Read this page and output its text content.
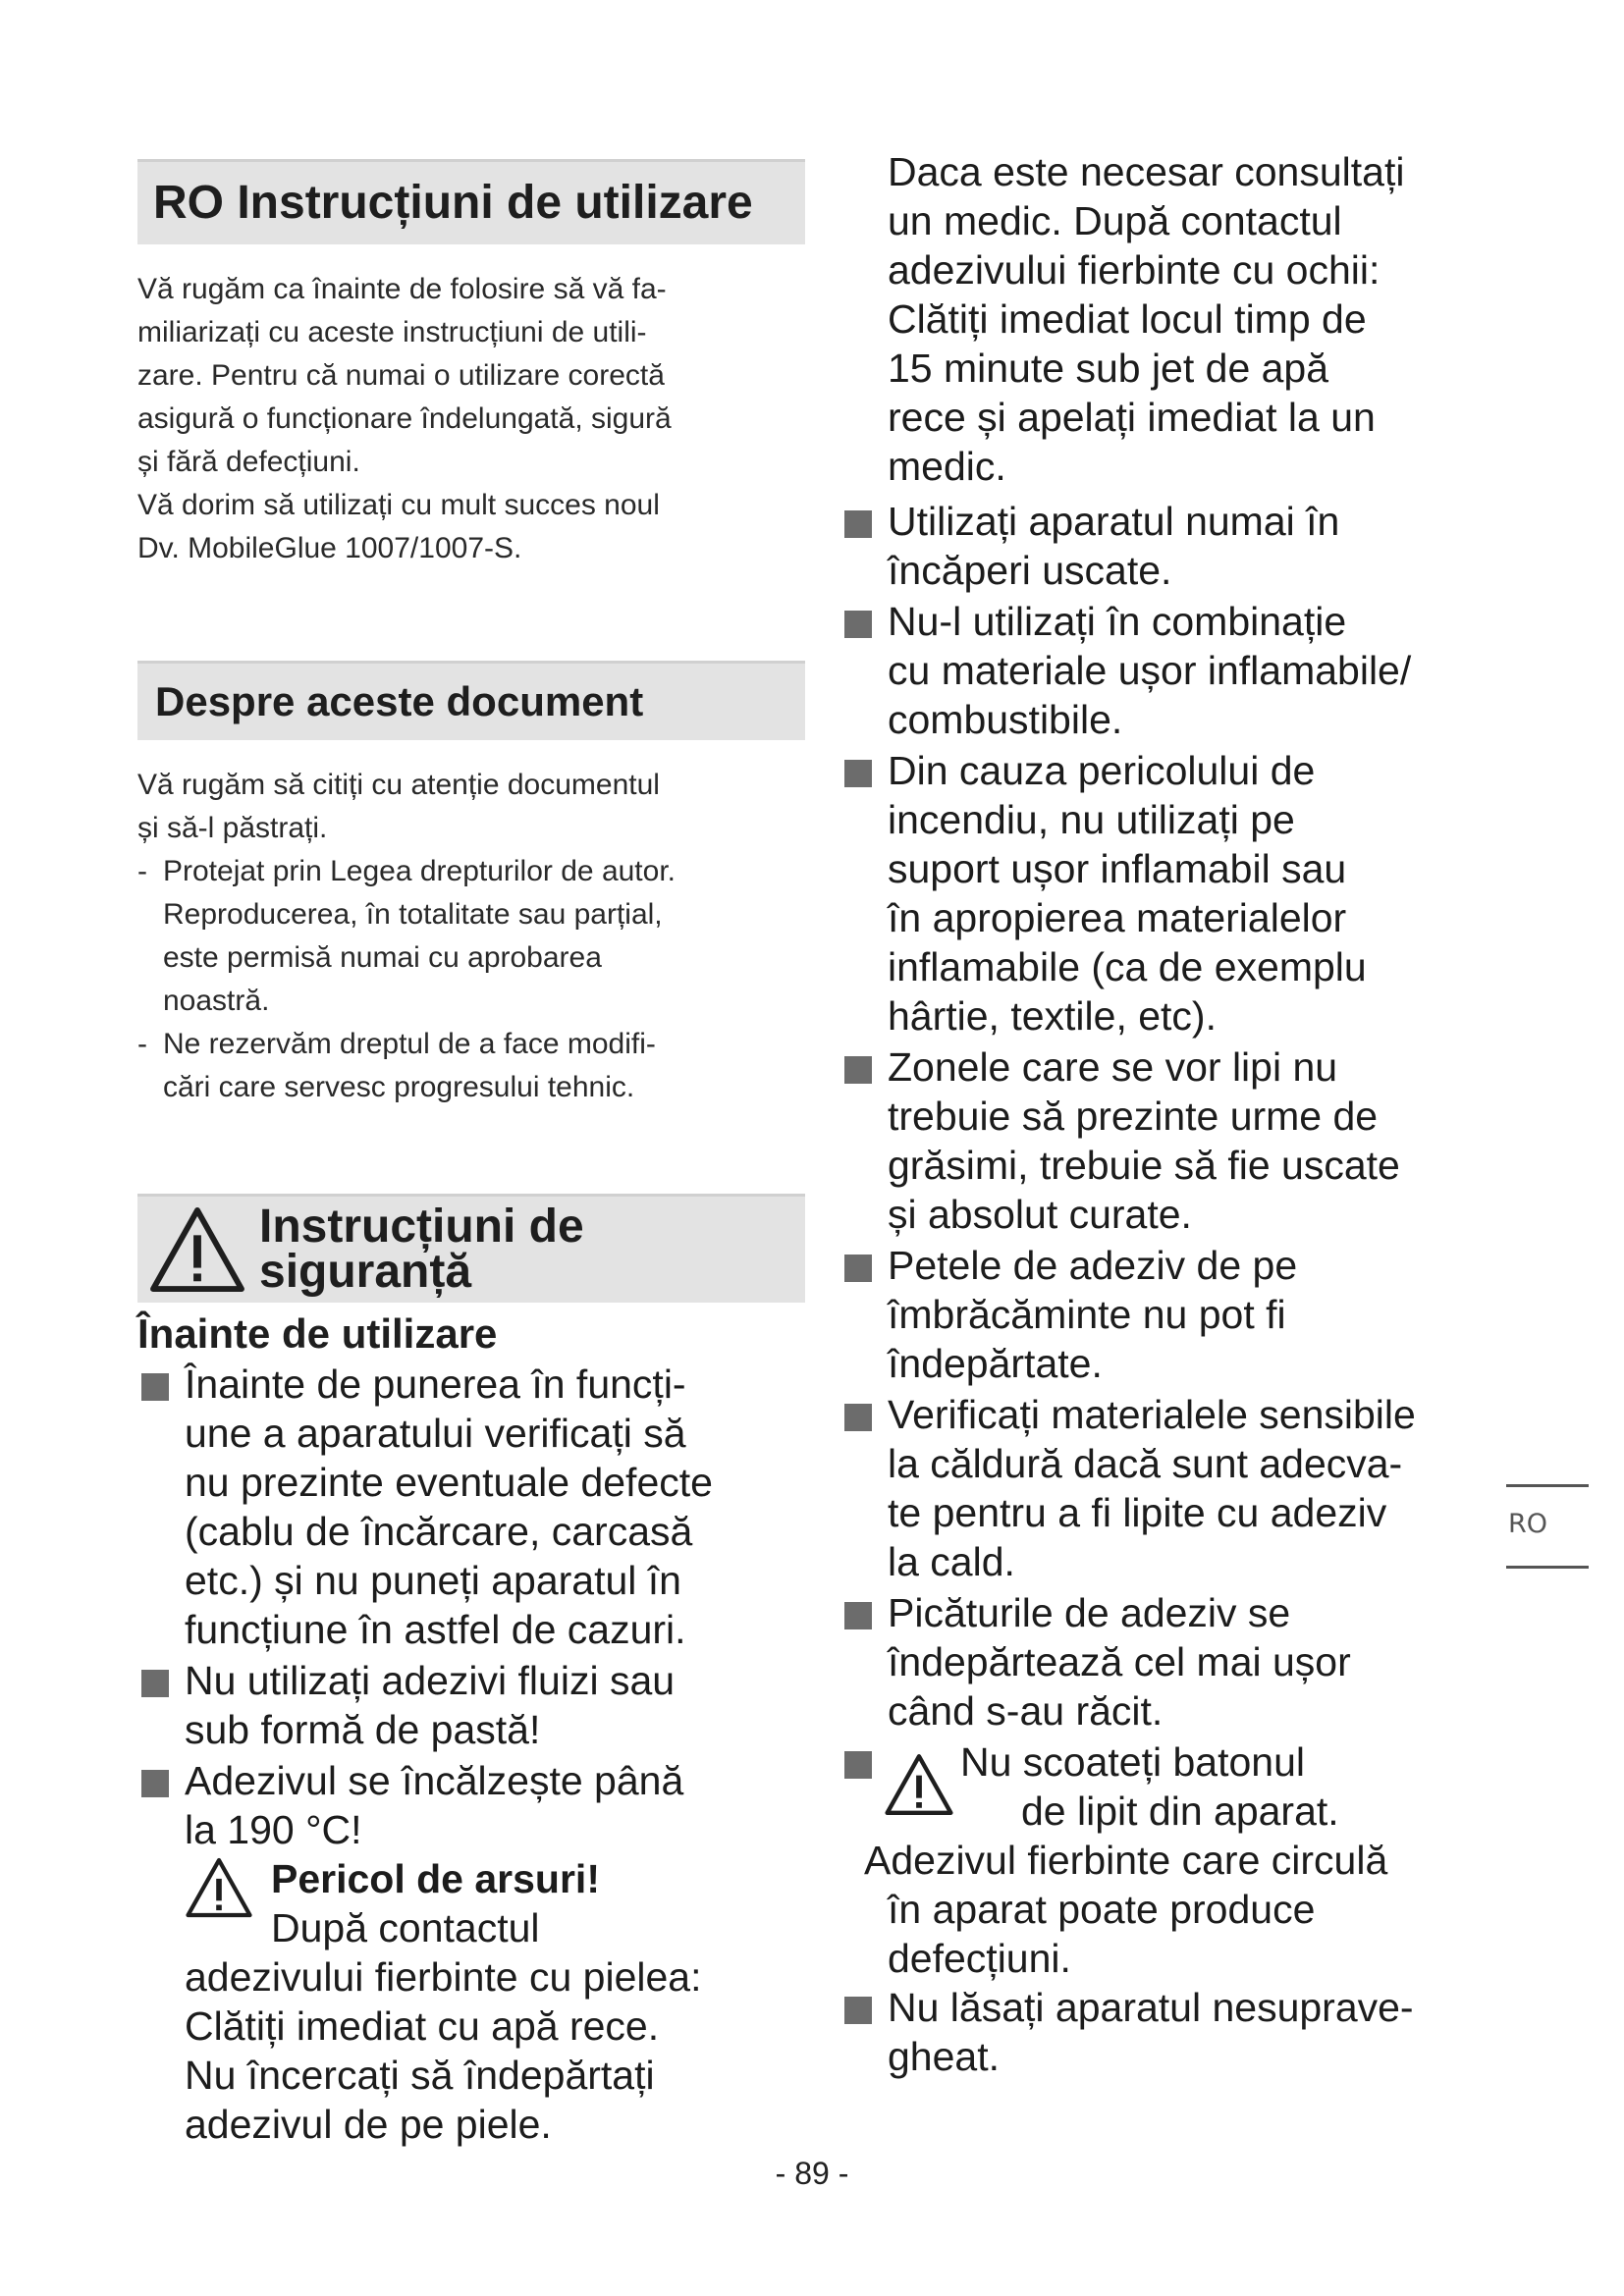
RO Instrucțiuni de utilizare

Vă rugăm ca înainte de folosire să vă fa-
miliarizați cu aceste instrucțiuni de utili-
zare. Pentru că numai o utilizare corectă
asigură o funcționare îndelungată, sigură
și fără defecțiuni.

Vă dorim să utilizați cu mult succes noul
Dv. MobileGlue 1007/1007-S.

Despre aceste document

Vă rugăm să citiți cu atenție documentul
și să-l păstrați.

- Protejat prin Legea drepturilor de autor.
Reproducerea, în totalitate sau parțial,
este permisă numai cu aprobarea
noastră.
- Ne rezervăm dreptul de a face modifi-
cări care servesc progresului tehnic.
Instrucțiuni de
siguranță
Înainte de utilizare
Înainte de punerea în funcți-
une a aparatului verificați să
nu prezinte eventuale defecte
(cablu de încărcare, carcasă
etc.) și nu puneți aparatul în
funcțiune în astfel de cazuri.
Nu utilizați adezivi fluizi sau
sub formă de pastă!
Adezivul se încălzește până
la 190 °C!
Pericol de arsuri!
După contactul
adezivului fierbinte cu pielea:
Clătiți imediat cu apă rece.
Nu încercați să îndepărtați
adezivul de pe piele.
Daca este necesar consultați
un medic. După contactul
adezivului fierbinte cu ochii:
Clătiți imediat locul timp de
15 minute sub jet de apă
rece și apelați imediat la un
medic.
Utilizați aparatul numai în
încăperi uscate.
Nu-l utilizați în combinație
cu materiale ușor inflamabile/
combustibile.
Din cauza pericolului de
incendiu, nu utilizați pe
suport ușor inflamabil sau
în apropierea materialelor
inflamabile (ca de exemplu
hârtie, textile, etc).
Zonele care se vor lipi nu
trebuie să prezinte urme de
grăsimi, trebuie să fie uscate
și absolut curate.
Petele de adeziv de pe
îmbrăcăminte nu pot fi
îndepărtate.
Verificați materialele sensibile
la căldură dacă sunt adecva-
te pentru a fi lipite cu adeziv
la cald.
Picăturile de adeziv se
îndepărtează cel mai ușor
când s-au răcit.
Nu scoateți batonul
de lipit din aparat.
Adezivul fierbinte care circulă
în aparat poate produce
defecțiuni.
Nu lăsați aparatul nesuprave-
gheat.
RO
- 89 -
